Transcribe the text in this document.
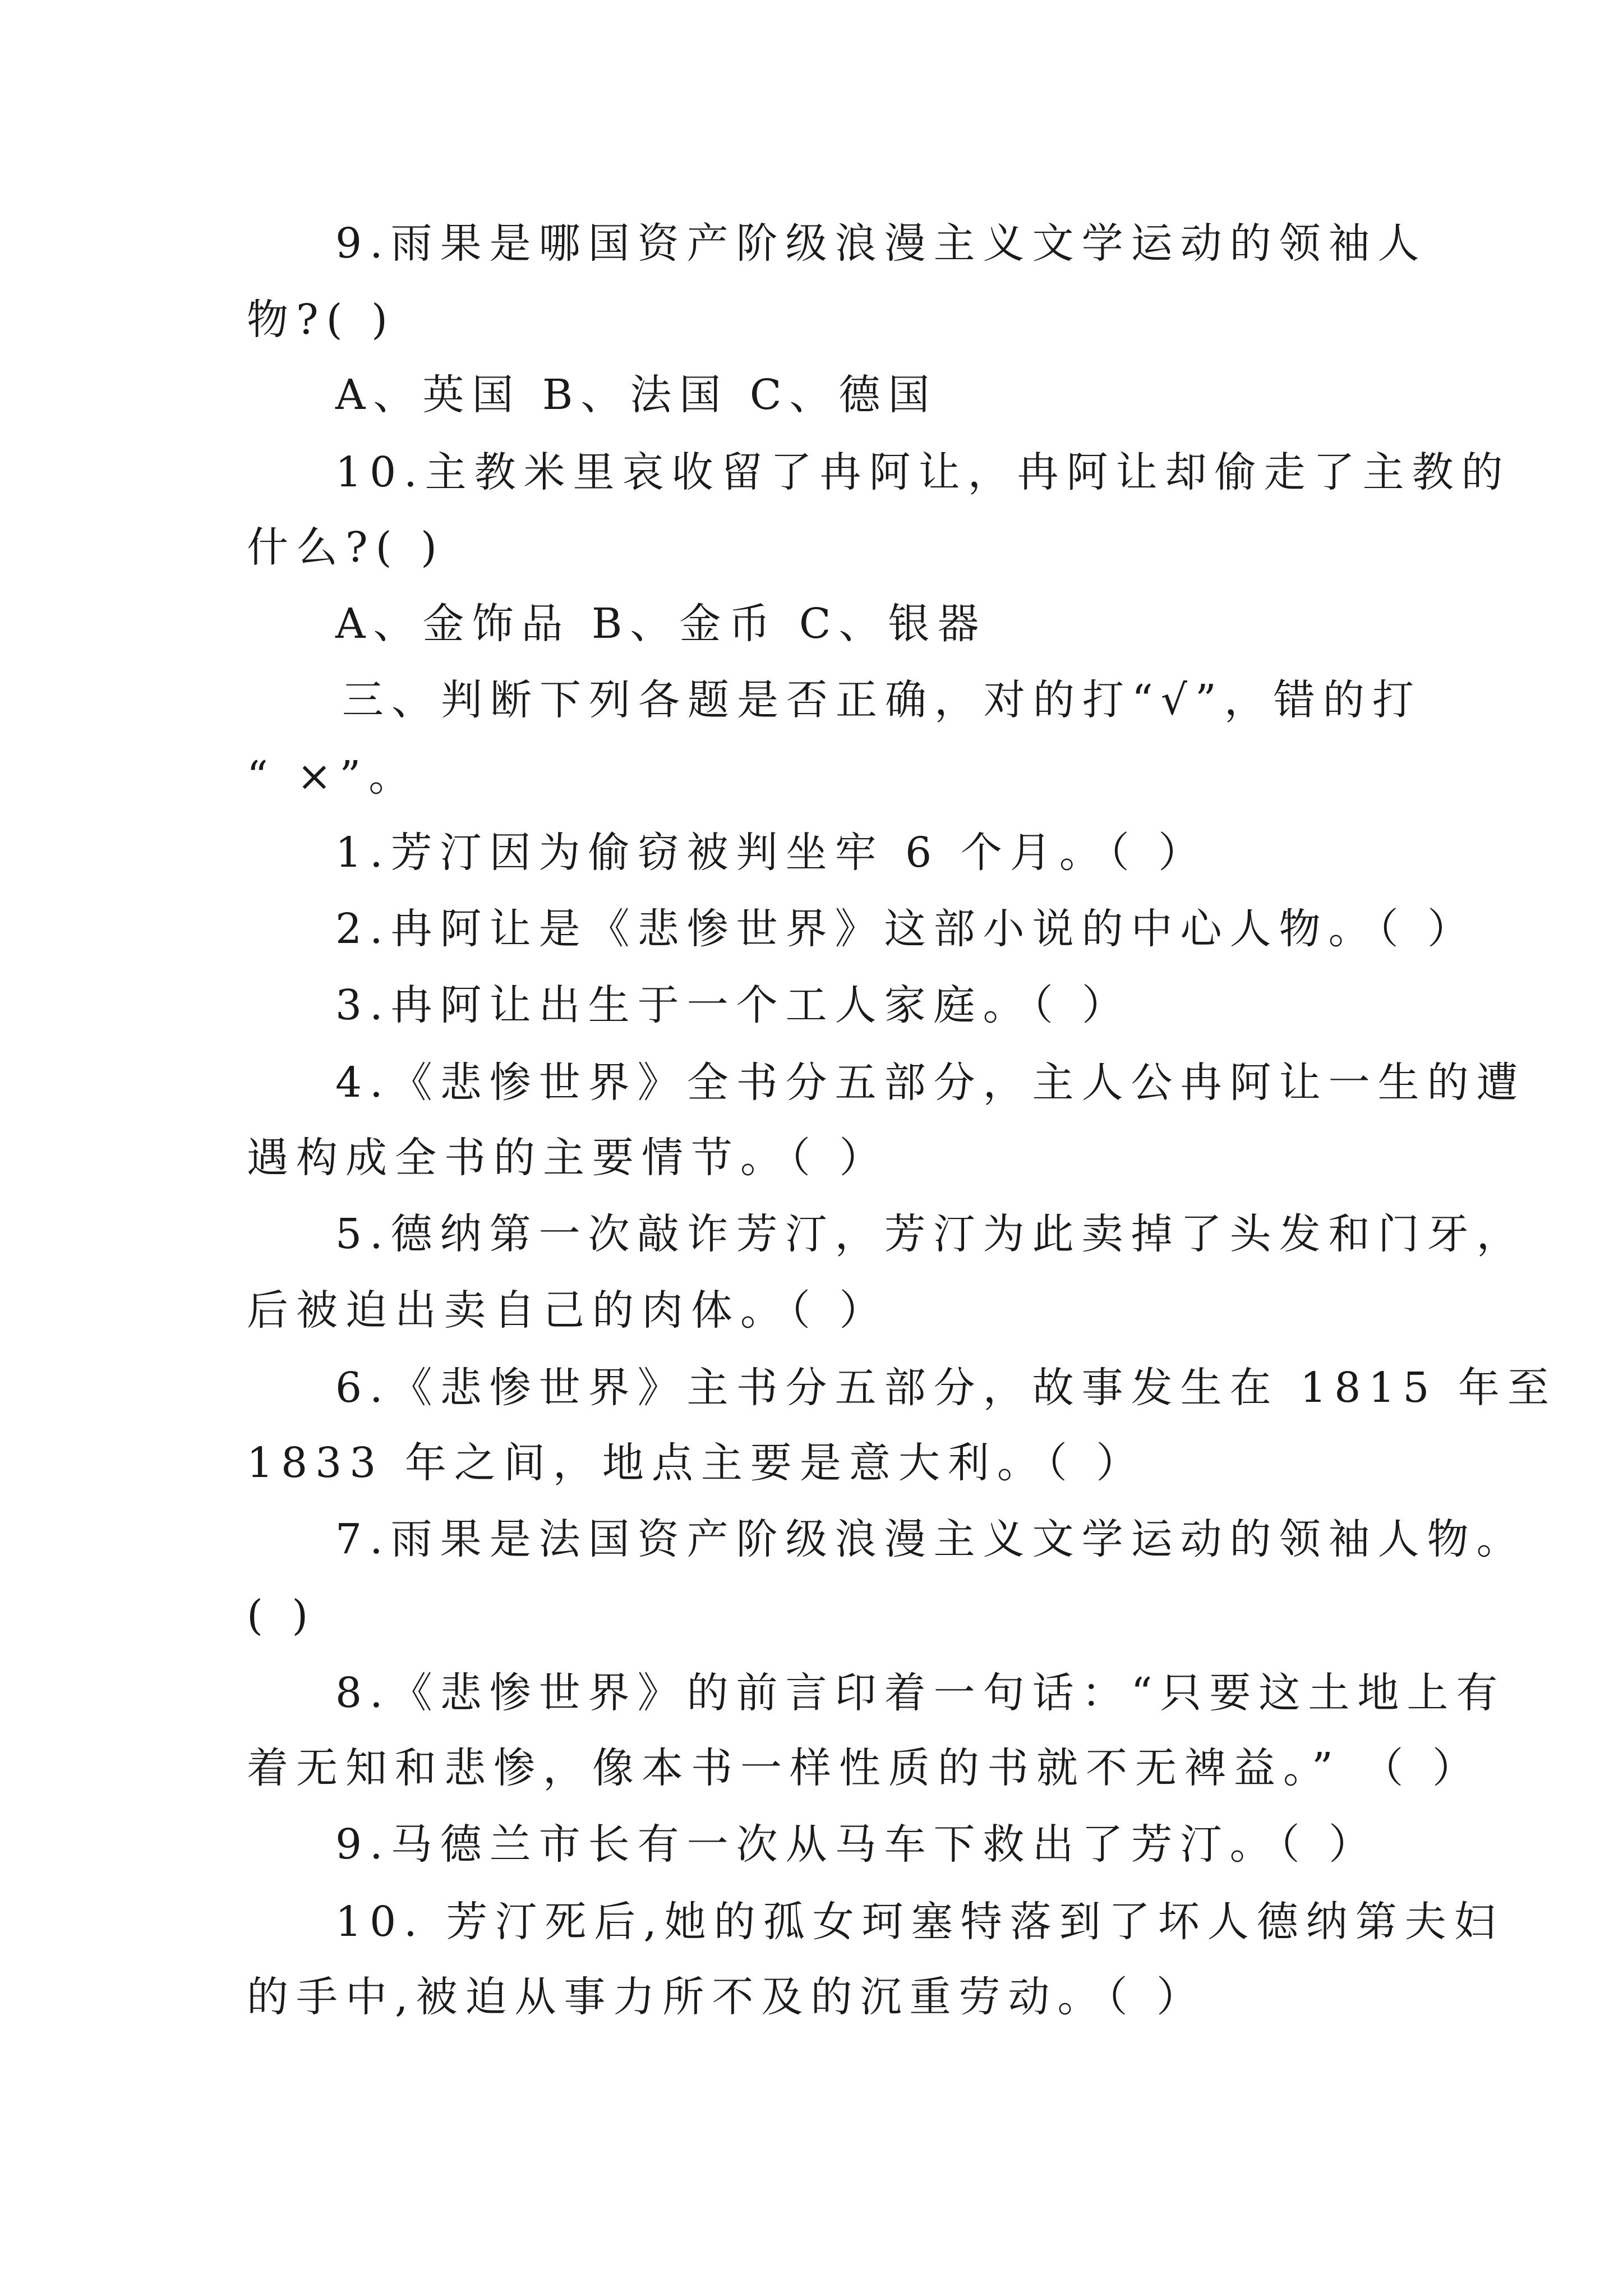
9.雨果是哪国资产阶级浪漫主义文学运动的领袖人
物?( )
A、英国 B、法国 C、德国
10.主教米里哀收留了冉阿让，冉阿让却偷走了主教的
什么?( )
A、金饰品 B、金币 C、银器
三、判断下列各题是否正确，对的打“√”，错的打
“ ×”。
1.芳汀因为偷窃被判坐牢 6 个月。（ ）
2.冉阿让是《悲惨世界》这部小说的中心人物。（ ）
3.冉阿让出生于一个工人家庭。（ ）
4.《悲惨世界》全书分五部分，主人公冉阿让一生的遭
遇构成全书的主要情节。（ ）
5.德纳第一次敲诈芳汀，芳汀为此卖掉了头发和门牙，
后被迫出卖自己的肉体。（ ）
6.《悲惨世界》主书分五部分，故事发生在 1815 年至
1833 年之间，地点主要是意大利。（ ）
7.雨果是法国资产阶级浪漫主义文学运动的领袖人物。
( )
8.《悲惨世界》的前言印着一句话：“只要这土地上有
着无知和悲惨，像本书一样性质的书就不无裨益。” （ ）
9.马德兰市长有一次从马车下救出了芳汀。（ ）
10. 芳汀死后,她的孤女珂塞特落到了坏人德纳第夫妇
的手中,被迫从事力所不及的沉重劳动。（ ）
